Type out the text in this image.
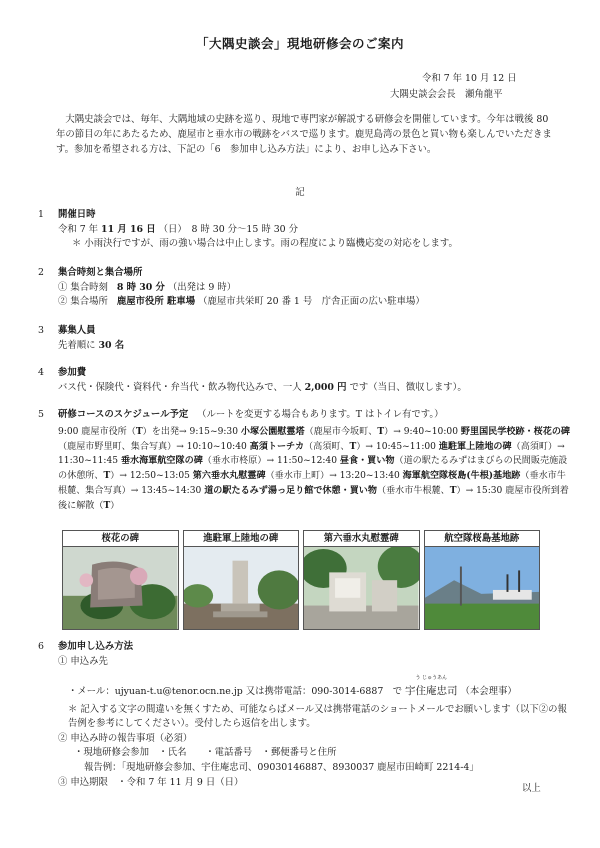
「大隅史談会」現地研修会のご案内
令和 7 年 10 月 12 日
大隅史談会会長　瀬角龍平
大隅史談会では、毎年、大隅地域の史跡を巡り、現地で専門家が解説する研修会を開催しています。今年は戦後 80 年の節目の年にあたるため、鹿屋市と垂水市の戦跡をバスで巡ります。鹿児島湾の景色と買い物も楽しんでいただきます。参加を希望される方は、下記の「6　参加申し込み方法」により、お申し込み下さい。
記
1	開催日時
令和 7 年 11 月 16 日 （日）　8 時 30 分～15 時 30 分
＊ 小雨決行ですが、雨の強い場合は中止します。雨の程度により臨機応変の対応をします。
2	集合時刻と集合場所
① 集合時刻 8 時 30 分 （出発は 9 時）
② 集合場所 鹿屋市役所 駐車場 （鹿屋市共栄町 20 番 1 号　庁舎正面の広い駐車場）
3	募集人員
先着順に 30 名
4	参加費
バス代・保険代・資料代・弁当代・飲み物代込みで、一人 2,000 円 です（当日、徴収します）。
5	研修コースのスケジュール予定 （ルートを変更する場合もあります。T はトイレ有です。）
9:00 鹿屋市役所（T）を出発→ 9:15~9:30 小塚公園慰霊塔（鹿屋市今坂町、T）→ 9:40~10:00 野里国民学校跡・桜花の碑（鹿屋市野里町、集合写真）→ 10:10~10:40 高須トーチカ（高須町、T）→ 10:45~11:00 進駐軍上陸地の碑（高須町）→ 11:30~11:45 垂水海軍航空隊の碑（垂水市柊原）→ 11:50~12:40 昼食・買い物（道の駅たるみずはまびらの民間販売施設の休憩所、T）→ 12:50~13:05 第六垂水丸慰霊碑（垂水市上町）→ 13:20~13:40 海軍航空隊桜島(牛根)基地跡（垂水市牛根麓、集合写真）→ 13:45~14:30 道の駅たるみず湯っ足り館で休憩・買い物（垂水市牛根麓、T）→ 15:30 鹿屋市役所到着後に解散（T）
桜花の碑	進駐軍上陸地の碑	第六垂水丸慰霊碑	航空隊桜島基地跡
6	参加申し込み方法
① 申込み先
・メール：ujyuan-t.u@tenor.ocn.ne.jp 又は携帯電話：090-3014-6887　で
う じゅうあん
宇住庵忠司 （本会理事）
＊ 記入する文字の間違いを無くすため、可能ならばメール又は携帯電話のショートメールでお願いします（以下②の報告例を参考にしてください）。受付したら返信を出します。
② 申込み時の報告事項（必須）
・現地研修会参加　・氏名　　・電話番号　・郵便番号と住所
報告例：「現地研修会参加、宇住庵忠司、09030146887、8930037 鹿屋市田崎町 2214-4」
③ 申込期限　・令和 7 年 11 月 9 日（日）
以上
